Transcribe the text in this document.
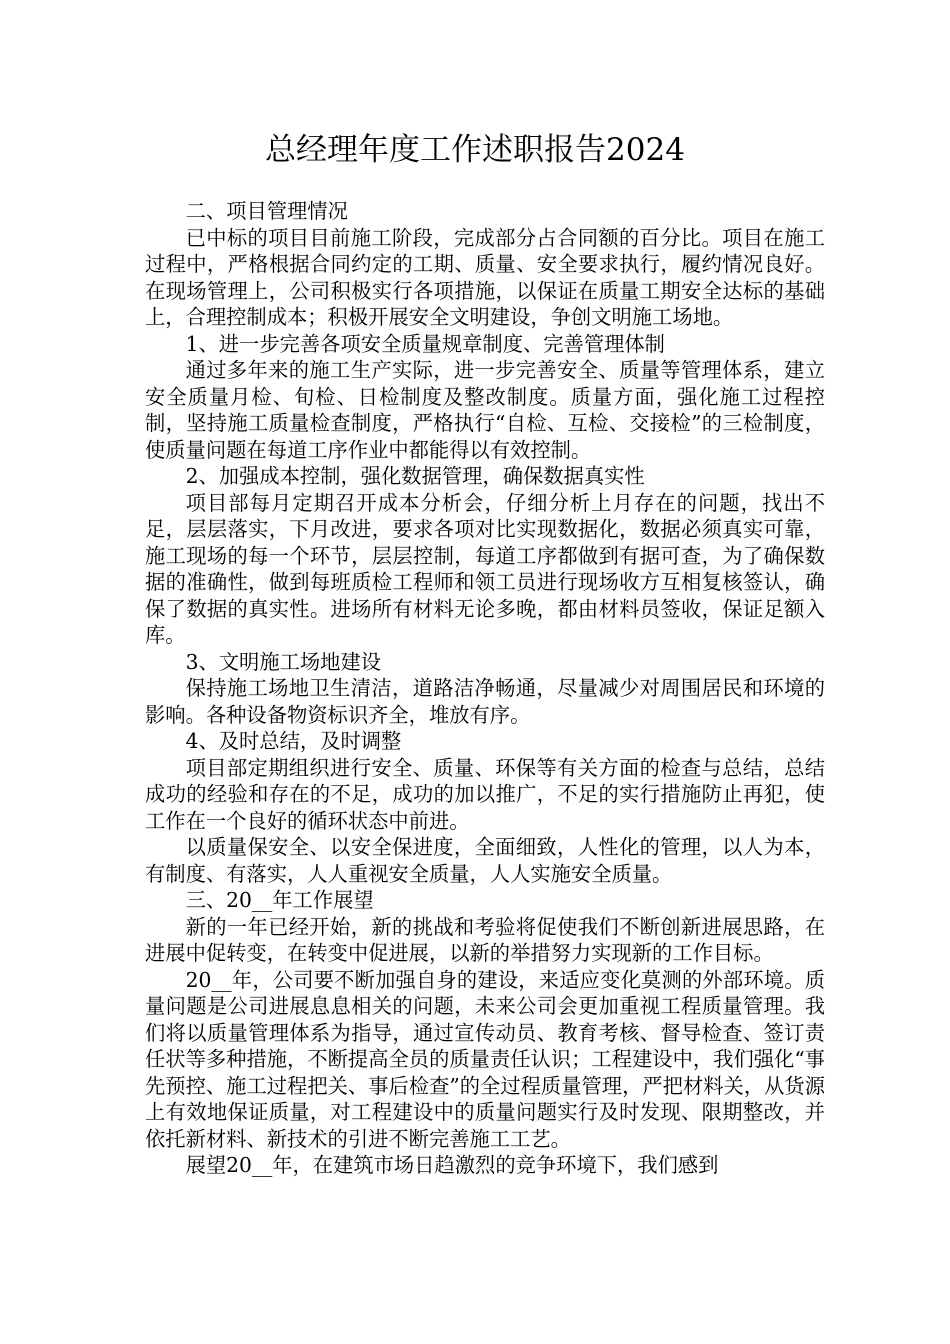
总经理年度工作述职报告2024

二、项目管理情况

已中标的项目目前施工阶段，完成部分占合同额的百分比。项目在施工过程中，严格根据合同约定的工期、质量、安全要求执行，履约情况良好。在现场管理上，公司积极实行各项措施，以保证在质量工期安全达标的基础上，合理控制成本；积极开展安全文明建设，争创文明施工场地。

1、进一步完善各项安全质量规章制度、完善管理体制

通过多年来的施工生产实际，进一步完善安全、质量等管理体系，建立安全质量月检、旬检、日检制度及整改制度。质量方面，强化施工过程控制，坚持施工质量检查制度，严格执行“自检、互检、交接检”的三检制度，使质量问题在每道工序作业中都能得以有效控制。

2、加强成本控制，强化数据管理，确保数据真实性

项目部每月定期召开成本分析会，仔细分析上月存在的问题，找出不足，层层落实，下月改进，要求各项对比实现数据化，数据必须真实可靠，施工现场的每一个环节，层层控制，每道工序都做到有据可查，为了确保数据的准确性，做到每班质检工程师和领工员进行现场收方互相复核签认，确保了数据的真实性。进场所有材料无论多晚，都由材料员签收，保证足额入库。

3、文明施工场地建设

保持施工场地卫生清洁，道路洁净畅通，尽量减少对周围居民和环境的影响。各种设备物资标识齐全，堆放有序。

4、及时总结，及时调整

项目部定期组织进行安全、质量、环保等有关方面的检查与总结，总结成功的经验和存在的不足，成功的加以推广，不足的实行措施防止再犯，使工作在一个良好的循环状态中前进。

以质量保安全、以安全保进度，全面细致，人性化的管理，以人为本，有制度、有落实，人人重视安全质量，人人实施安全质量。

三、20__年工作展望

新的一年已经开始，新的挑战和考验将促使我们不断创新进展思路，在进展中促转变，在转变中促进展，以新的举措努力实现新的工作目标。

20__年，公司要不断加强自身的建设，来适应变化莫测的外部环境。质量问题是公司进展息息相关的问题，未来公司会更加重视工程质量管理。我们将以质量管理体系为指导，通过宣传动员、教育考核、督导检查、签订责任状等多种措施，不断提高全员的质量责任认识；工程建设中，我们强化“事先预控、施工过程把关、事后检查”的全过程质量管理，严把材料关，从货源上有效地保证质量，对工程建设中的质量问题实行及时发现、限期整改，并依托新材料、新技术的引进不断完善施工工艺。

展望20__年，在建筑市场日趋激烈的竞争环境下，我们感到
